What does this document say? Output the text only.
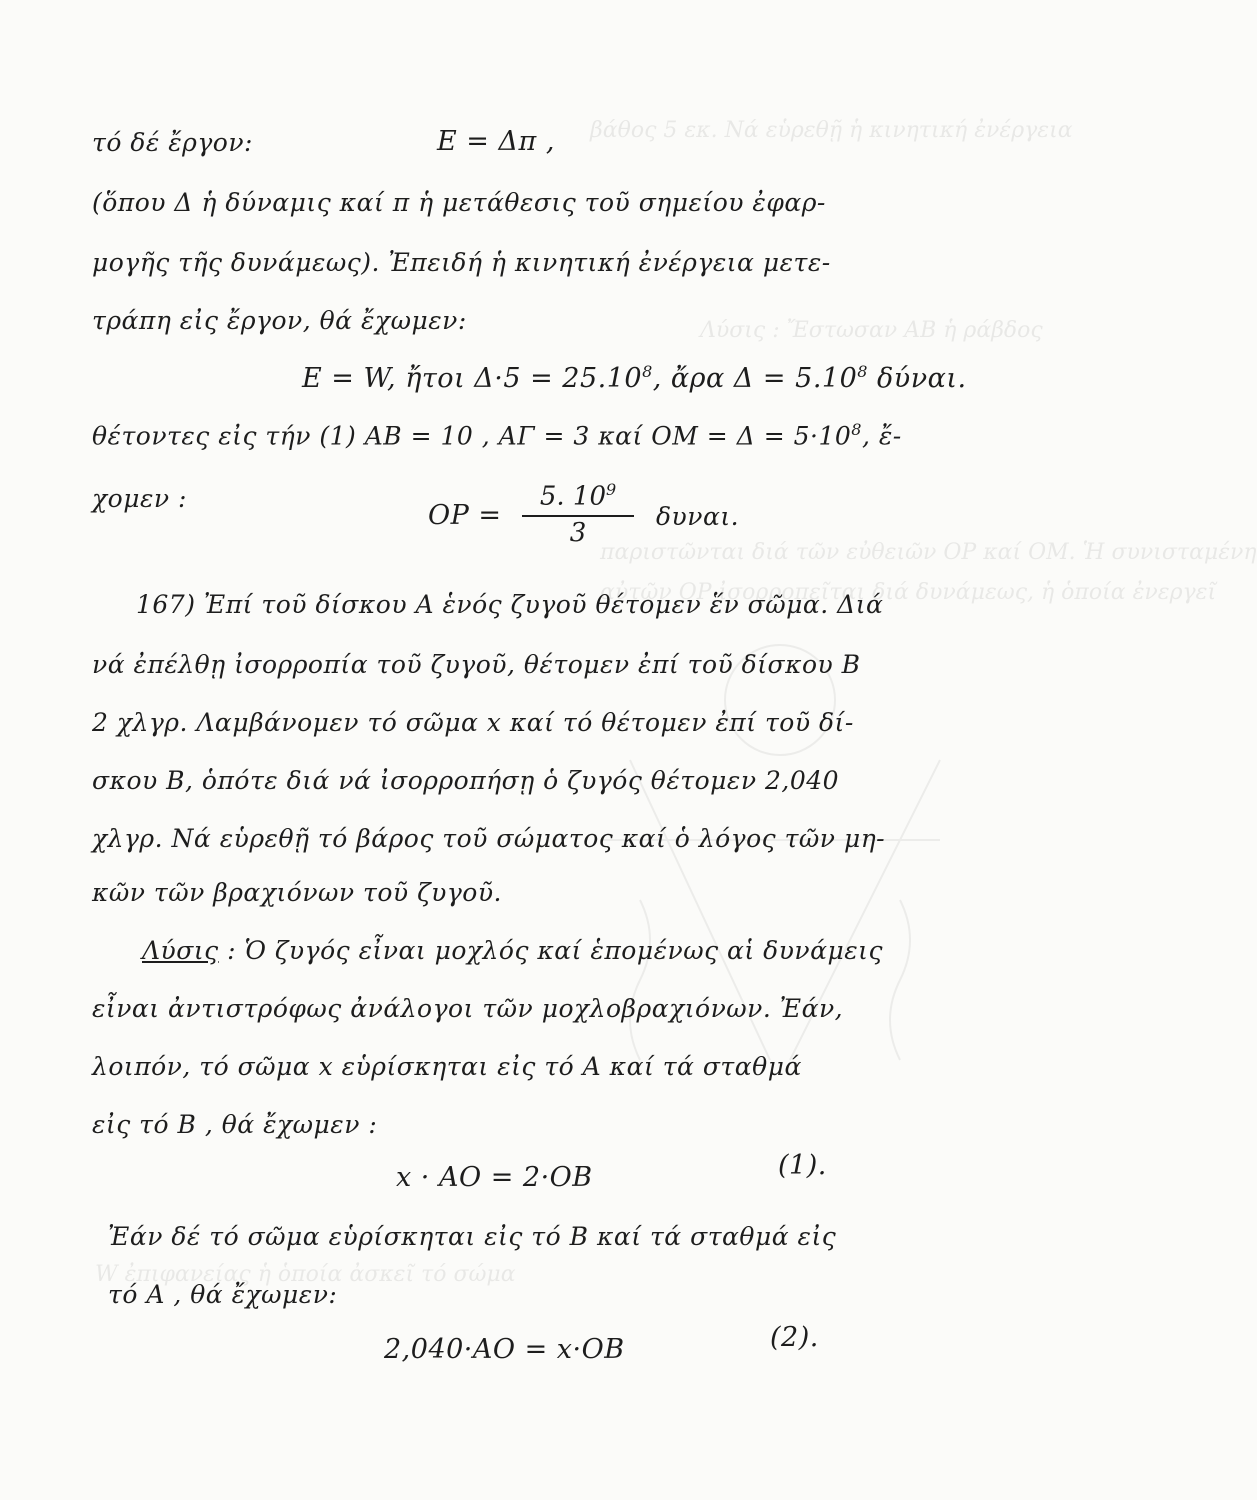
βάθος 5 εκ. Νά εὑρεθῇ ἡ κινητική ἐνέργεια
Λύσις : Ἔστωσαν AB ἡ ράβδος
παριστῶνται διά τῶν εὐθειῶν OP καί OM. Ἡ συνισταμένη
αὐτῶν OP ἰσορροπεῖται διά δυνάμεως, ἡ ὁποία ἐνεργεῖ
W ἐπιφανείας ἡ ὁποία ἀσκεῖ τό σώμα
τό δέ ἔργον:	E = Δπ ,
(ὅπου Δ ἡ δύναμις καί π ἡ μετάθεσις τοῦ σημείου ἐφαρ-
μογῆς τῆς δυνάμεως). Ἐπειδή ἡ κινητική ἐνέργεια μετε-
τράπη εἰς ἔργον, θά ἔχωμεν:
E = W, ἤτοι $\Delta\cdot 5 = 25.10^8$, ἄρα $\Delta = 5.10^8$ δύναι.
θέτοντες εἰς τήν (1) AB = 10 , AΓ = 3 καί OM = $\Delta = 5\cdot 10^8$, ἔ-
χομεν :
OP =
5. $10^9$
3
δυναι.
167) Ἐπί τοῦ δίσκου A ἑνός ζυγοῦ θέτομεν ἕν σῶμα. Διά
νά ἐπέλθῃ ἰσορροπία τοῦ ζυγοῦ, θέτομεν ἐπί τοῦ δίσκου B
2 χλγρ. Λαμβάνομεν τό σῶμα x καί τό θέτομεν ἐπί τοῦ δί-
σκου B, ὁπότε διά νά ἰσορροπήσῃ ὁ ζυγός θέτομεν 2,040
χλγρ. Νά εὑρεθῇ τό βάρος τοῦ σώματος καί ὁ λόγος τῶν μη-
κῶν τῶν βραχιόνων τοῦ ζυγοῦ.
Λύσις : Ὁ ζυγός εἶναι μοχλός καί ἑπομένως αἱ δυνάμεις
εἶναι ἀντιστρόφως ἀνάλογοι τῶν μοχλοβραχιόνων. Ἐάν,
λοιπόν, τό σῶμα x εὑρίσκηται εἰς τό A καί τά σταθμά
εἰς τό B , θά ἔχωμεν :
x · AO = 2·OB	(1).
Ἐάν δέ τό σῶμα εὑρίσκηται εἰς τό B καί τά σταθμά εἰς
τό A , θά ἔχωμεν:
2,040·AO = x·OB	(2).
